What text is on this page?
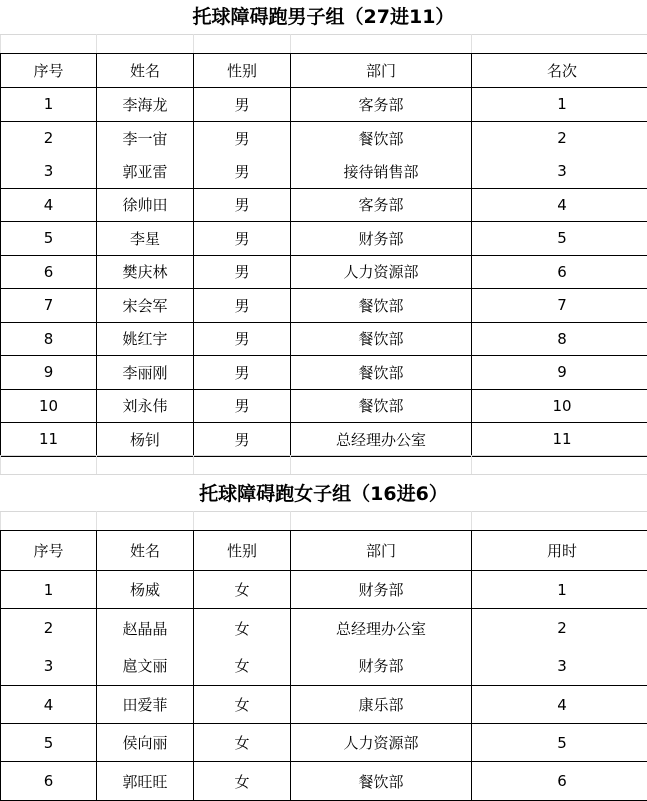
托球障碍跑男子组（27进11）

序号	姓名	性别	部门	名次
1	李海龙	男	客务部	1
2	李一宙	男	餐饮部	2
3	郭亚雷	男	接待销售部	3
4	徐帅田	男	客务部	4
5	李星	男	财务部	5
6	樊庆林	男	人力资源部	6
7	宋会军	男	餐饮部	7
8	姚红宇	男	餐饮部	8
9	李丽刚	男	餐饮部	9
10	刘永伟	男	餐饮部	10
11	杨钊	男	总经理办公室	11

托球障碍跑女子组（16进6）

序号	姓名	性别	部门	用时
1	杨威	女	财务部	1
2	赵晶晶	女	总经理办公室	2
3	扈文丽	女	财务部	3
4	田爱菲	女	康乐部	4
5	侯向丽	女	人力资源部	5
6	郭旺旺	女	餐饮部	6
